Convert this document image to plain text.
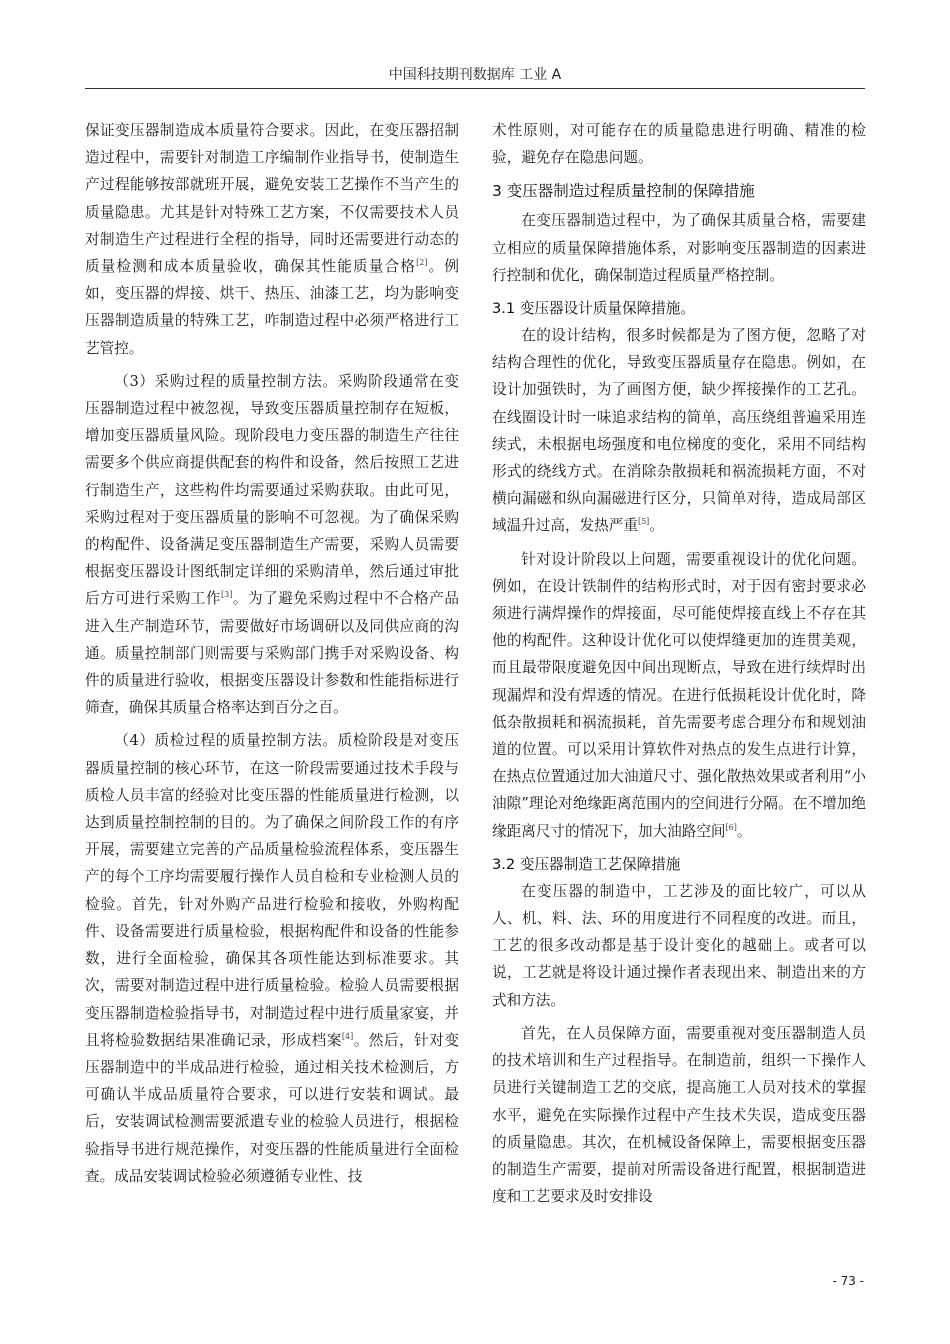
中国科技期刊数据库 工业 A

保证变压器制造成本质量符合要求。因此，在变压器招制造过程中，需要针对制造工序编制作业指导书，使制造生产过程能够按部就班开展，避免安装工艺操作不当产生的质量隐患。尤其是针对特殊工艺方案，不仅需要技术人员对制造生产过程进行全程的指导，同时还需要进行动态的质量检测和成本质量验收，确保其性能质量合格[2]。例如，变压器的焊接、烘干、热压、油漆工艺，均为影响变压器制造质量的特殊工艺，咋制造过程中必须严格进行工艺管控。

（3）采购过程的质量控制方法。采购阶段通常在变压器制造过程中被忽视，导致变压器质量控制存在短板，增加变压器质量风险。现阶段电力变压器的制造生产往往需要多个供应商提供配套的构件和设备，然后按照工艺进行制造生产，这些构件均需要通过采购获取。由此可见，采购过程对于变压器质量的影响不可忽视。为了确保采购的构配件、设备满足变压器制造生产需要，采购人员需要根据变压器设计图纸制定详细的采购清单，然后通过审批后方可进行采购工作[3]。为了避免采购过程中不合格产品进入生产制造环节，需要做好市场调研以及同供应商的沟通。质量控制部门则需要与采购部门携手对采购设备、构件的质量进行验收，根据变压器设计参数和性能指标进行筛查，确保其质量合格率达到百分之百。

（4）质检过程的质量控制方法。质检阶段是对变压器质量控制的核心环节，在这一阶段需要通过技术手段与质检人员丰富的经验对比变压器的性能质量进行检测，以达到质量控制控制的目的。为了确保之间阶段工作的有序开展，需要建立完善的产品质量检验流程体系，变压器生产的每个工序均需要履行操作人员自检和专业检测人员的检验。首先，针对外购产品进行检验和接收，外购构配件、设备需要进行质量检验，根据构配件和设备的性能参数，进行全面检验，确保其各项性能达到标准要求。其次，需要对制造过程中进行质量检验。检验人员需要根据变压器制造检验指导书，对制造过程中进行质量家宴，并且将检验数据结果准确记录，形成档案[4]。然后，针对变压器制造中的半成品进行检验，通过相关技术检测后，方可确认半成品质量符合要求，可以进行安装和调试。最后，安装调试检测需要派遣专业的检验人员进行，根据检验指导书进行规范操作，对变压器的性能质量进行全面检查。成品安装调试检验必须遵循专业性、技

术性原则，对可能存在的质量隐患进行明确、精准的检验，避免存在隐患问题。

3 变压器制造过程质量控制的保障措施

在变压器制造过程中，为了确保其质量合格，需要建立相应的质量保障措施体系，对影响变压器制造的因素进行控制和优化，确保制造过程质量严格控制。

3.1 变压器设计质量保障措施。

在的设计结构，很多时候都是为了图方便，忽略了对结构合理性的优化，导致变压器质量存在隐患。例如，在设计加强铁时，为了画图方便，缺少挥接操作的工艺孔。在线圈设计时一味追求结构的简单，高压绕组普遍采用连续式，未根据电场强度和电位梯度的变化，采用不同结构形式的绕线方式。在消除杂散损耗和祸流损耗方面，不对横向漏磁和纵向漏磁进行区分，只简单对待，造成局部区域温升过高，发热严重[5]。

针对设计阶段以上问题，需要重视设计的优化问题。例如，在设计铁制件的结构形式时，对于因有密封要求必须进行满焊操作的焊接面，尽可能使焊接直线上不存在其他的构配件。这种设计优化可以使焊缝更加的连贯美观，而且最带限度避免因中间出现断点，导致在进行续焊时出现漏焊和没有焊透的情况。在进行低损耗设计优化时，降低杂散损耗和祸流损耗，首先需要考虑合理分布和规划油道的位置。可以采用计算软件对热点的发生点进行计算，在热点位置通过加大油道尺寸、强化散热效果或者利用“小油隙”理论对绝缘距离范围内的空间进行分隔。在不增加绝缘距离尺寸的情况下，加大油路空间[6]。

3.2 变压器制造工艺保障措施

在变压器的制造中，工艺涉及的面比较广，可以从人、机、料、法、环的用度进行不同程度的改进。而且，工艺的很多改动都是基于设计变化的越础上。或者可以说，工艺就是将设计通过操作者表现出来、制造出来的方式和方法。

首先，在人员保障方面，需要重视对变压器制造人员的技术培训和生产过程指导。在制造前，组织一下操作人员进行关键制造工艺的交底，提高施工人员对技术的掌握水平，避免在实际操作过程中产生技术失误，造成变压器的质量隐患。其次，在机械设备保障上，需要根据变压器的制造生产需要，提前对所需设备进行配置，根据制造进度和工艺要求及时安排设

- 73 -
